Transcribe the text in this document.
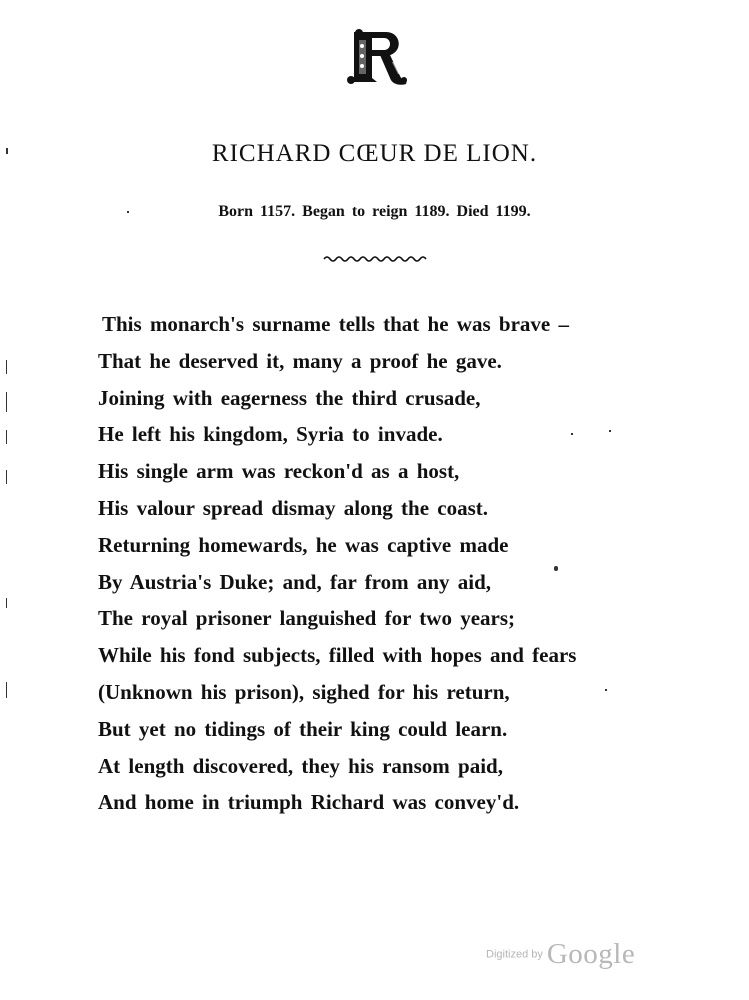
RICHARD CŒUR DE LION.
Born 1157. Began to reign 1189. Died 1199.
This monarch's surname tells that he was brave –
That he deserved it, many a proof he gave.
Joining with eagerness the third crusade,
He left his kingdom, Syria to invade.
His single arm was reckon'd as a host,
His valour spread dismay along the coast.
Returning homewards, he was captive made
By Austria's Duke; and, far from any aid,
The royal prisoner languished for two years;
While his fond subjects, filled with hopes and fears
(Unknown his prison), sighed for his return,
But yet no tidings of their king could learn.
At length discovered, they his ransom paid,
And home in triumph Richard was convey'd.
Digitized by Google
